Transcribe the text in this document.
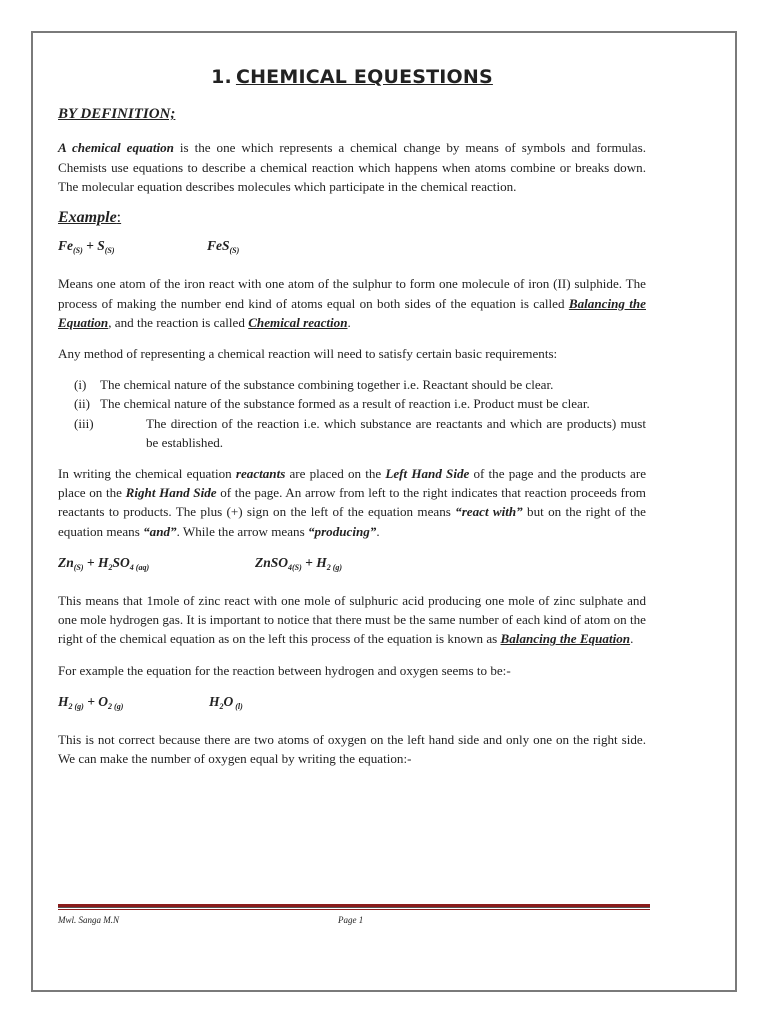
1. CHEMICAL EQUESTIONS
BY DEFINITION;

A chemical equation is the one which represents a chemical change by means of symbols and formulas. Chemists use equations to describe a chemical reaction which happens when atoms combine or breaks down. The molecular equation describes molecules which participate in the chemical reaction.

Example:
$Fe_{(S)} + S_{(S)}$	FeS$_{(S)}$

Means one atom of the iron react with one atom of the sulphur to form one molecule of iron (II) sulphide. The process of making the number end kind of atoms equal on both sides of the equation is called Balancing the Equation, and the reaction is called Chemical reaction.

Any method of representing a chemical reaction will need to satisfy certain basic requirements:

(i)	The chemical nature of the substance combining together i.e. Reactant should be clear.
(ii) The chemical nature of the substance formed as a result of reaction i.e. Product must be clear.
(iii)	The direction of the reaction i.e. which substance are reactants and which are products) must be established.

In writing the chemical equation reactants are placed on the Left Hand Side of the page and the products are place on the Right Hand Side of the page. An arrow from left to the right indicates that reaction proceeds from reactants to products. The plus (+) sign on the left of the equation means “react with” but on the right of the equation means “and”. While the arrow means “producing”.

$Zn_{(S)} + H_2SO_4$ $_{(aq)}$	ZnSO$_{4(S)}$ + $H_{2 (g)}$

This means that 1mole of zinc react with one mole of sulphuric acid producing one mole of zinc sulphate and one mole hydrogen gas. It is important to notice that there must be the same number of each kind of atom on the right of the chemical equation as on the left this process of the equation is known as Balancing the Equation.

For example the equation for the reaction between hydrogen and oxygen seems to be:-

$H_{2 (g)} + O_{2 (g)}$	$H_2O$ $_{(l)}$

This is not correct because there are two atoms of oxygen on the left hand side and only one on the right side. We can make the number of oxygen equal by writing the equation:-

Mwl. Sanga M.N	Page 1
